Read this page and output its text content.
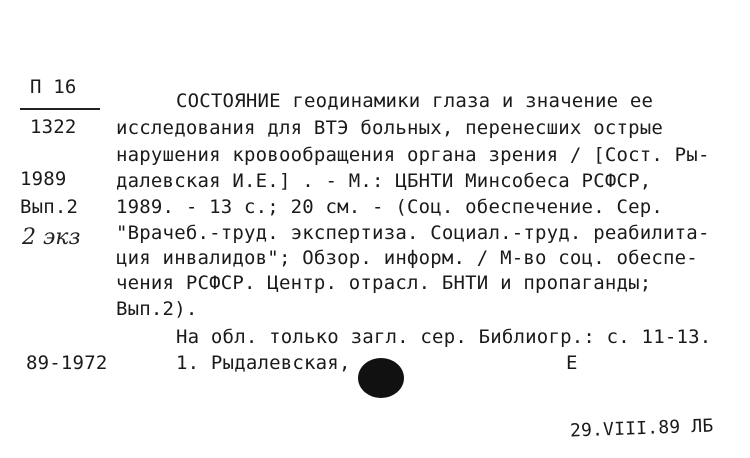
П 16
1322
1989
Вып.2
2 экз
89-1972
СОСТОЯНИЕ гeодинамики глаза и значение ее
исследования для ВТЭ больных, перенесших острые
нарушения кровообращения органа зрения / [Сост. Ры-
далевская И.Е.] . - М.: ЦБНТИ Минсобеса РСФСР,
1989. - 13 с.; 20 см. - (Соц. обеспечение. Сер.
"Врачеб.-труд. экспертиза. Социал.-труд. реабилита-
ция инвалидов"; Обзор. информ. / М-во соц. обеспе-
чения РСФСР. Центр. отрасл. БНТИ и пропаганды;
Вып.2).
На обл. только загл. сер. Библиогр.: с. 11-13.
1. Рыдалевская,	Е
29.VIII.89 ЛБ
